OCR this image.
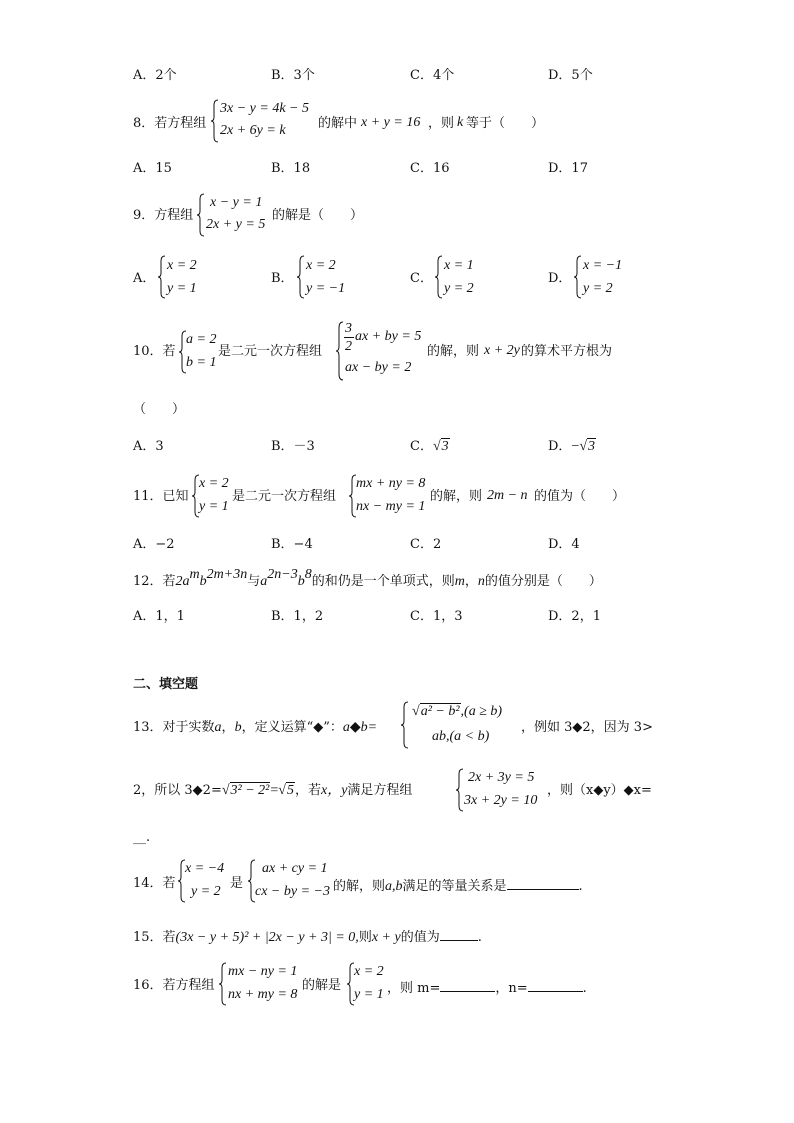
A．2个	B．3个	C．4个	D．5个
8．若方程组
3x − y = 4k − 5
2x + 6y = k 的解中 x + y = 16 ，则 k 等于（　　）
A．15	B．18	C．16	D．17
9．方程组
x − y = 1
2x + y = 5
的解是（　　）
A．
x = 2
y = 1
B．
x = 2
y = −1
C．
x = 1
y = 2
D．
x = −1
y = 2
10．若
a = 2
b = 1
是二元一次方程组
3
2
ax + by = 5
ax − by = 2
的解，则 x + 2y 的算术平方根为
（　　）
A．3	B．－3	C．√3	D．−√3
11．已知
x = 2
y = 1
是二元一次方程组
mx + ny = 8
nx − my = 1
的解，则 2m − n 的值为（　　）
A．−2	B．−4	C．2	D．4
12．若$2a^mb^{2m+3n}$与$a^{2n-3}b^8$的和仍是一个单项式，则m，n的值分别是（　　）
A．1，1	B．1，2	C．1，3	D．2，1
二、填空题
13．对于实数a，b，定义运算“◆”：a◆b=
√a² − b²,(a ≥ b)
ab,(a < b)
，例如 3◆2，因为 3>
2，所以 3◆2=√3² − 2²=√5，若x，y满足方程组
2x + 3y = 5
3x + 2y = 10
，则（x◆y）◆x=
__.
14．若
x = −4
y = 2
是
ax + cy = 1
cx − by = −3 的解，则a,b满足的等量关系是	.
15．若(3x − y + 5)² + |2x − y + 3| = 0,则x + y的值为	.
16．若方程组
mx − ny = 1
nx + my = 8
的解是
x = 2
y = 1 ，则 m=	，n=	.
